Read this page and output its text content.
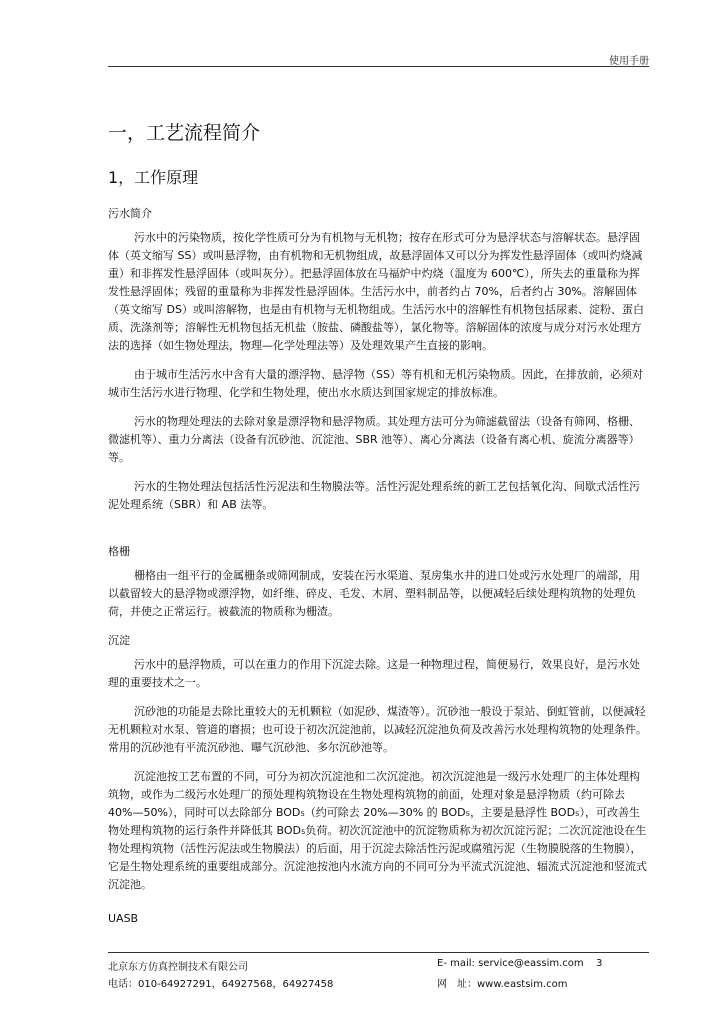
使用手册
一，工艺流程简介
1，工作原理
污水简介

污水中的污染物质，按化学性质可分为有机物与无机物；按存在形式可分为悬浮状态与溶解状态。悬浮固体（英文缩写 SS）或叫悬浮物，由有机物和无机物组成，故悬浮固体又可以分为挥发性悬浮固体（或叫灼烧减重）和非挥发性悬浮固体（或叫灰分）。把悬浮固体放在马福炉中灼烧（温度为 600℃），所失去的重量称为挥发性悬浮固体；残留的重量称为非挥发性悬浮固体。生活污水中，前者约占 70%，后者约占 30%。溶解固体（英文缩写 DS）或叫溶解物，也是由有机物与无机物组成。生活污水中的溶解性有机物包括尿素、淀粉、蛋白质、洗涤剂等；溶解性无机物包括无机盐（胺盐、磷酸盐等），氯化物等。溶解固体的浓度与成分对污水处理方法的选择（如生物处理法，物理—化学处理法等）及处理效果产生直接的影响。

由于城市生活污水中含有大量的漂浮物、悬浮物（SS）等有机和无机污染物质。因此，在排放前，必须对城市生活污水进行物理、化学和生物处理，使出水水质达到国家规定的排放标准。

污水的物理处理法的去除对象是漂浮物和悬浮物质。其处理方法可分为筛滤截留法（设备有筛网、格栅、微滤机等）、重力分离法（设备有沉砂池、沉淀池、SBR 池等）、离心分离法（设备有离心机、旋流分离器等）等。

污水的生物处理法包括活性污泥法和生物膜法等。活性污泥处理系统的新工艺包括氧化沟、间歇式活性污泥处理系统（SBR）和 AB 法等。

格栅

栅格由一组平行的金属栅条或筛网制成，安装在污水渠道、泵房集水井的进口处或污水处理厂的端部，用以截留较大的悬浮物或漂浮物，如纤维、碎皮、毛发、木屑、塑料制品等，以便减轻后续处理构筑物的处理负荷，并使之正常运行。被截流的物质称为栅渣。

沉淀

污水中的悬浮物质，可以在重力的作用下沉淀去除。这是一种物理过程，简便易行，效果良好，是污水处理的重要技术之一。

沉砂池的功能是去除比重较大的无机颗粒（如泥砂、煤渣等）。沉砂池一般设于泵站、倒虹管前，以便减轻无机颗粒对水泵、管道的磨损；也可设于初次沉淀池前，以减轻沉淀池负荷及改善污水处理构筑物的处理条件。常用的沉砂池有平流沉砂池、曝气沉砂池、多尔沉砂池等。

沉淀池按工艺布置的不同，可分为初次沉淀池和二次沉淀池。初次沉淀池是一级污水处理厂的主体处理构筑物，或作为二级污水处理厂的预处理构筑物设在生物处理构筑物的前面，处理对象是悬浮物质（约可除去 40%—50%），同时可以去除部分 BOD₅（约可除去 20%—30% 的 BOD₅，主要是悬浮性 BOD₅），可改善生物处理构筑物的运行条件并降低其 BOD₅负荷。初次沉淀池中的沉淀物质称为初次沉淀污泥；二次沉淀池设在生物处理构筑物（活性污泥法或生物膜法）的后面，用于沉淀去除活性污泥或腐殖污泥（生物膜脱落的生物膜），它是生物处理系统的重要组成部分。沉淀池按池内水流方向的不同可分为平流式沉淀池、辐流式沉淀池和竖流式沉淀池。

UASB
北京东方仿真控制技术有限公司
电话：010-64927291，64927568，64927458
E- mail: service@eassim.com 3
网　址：www.eastsim.com
